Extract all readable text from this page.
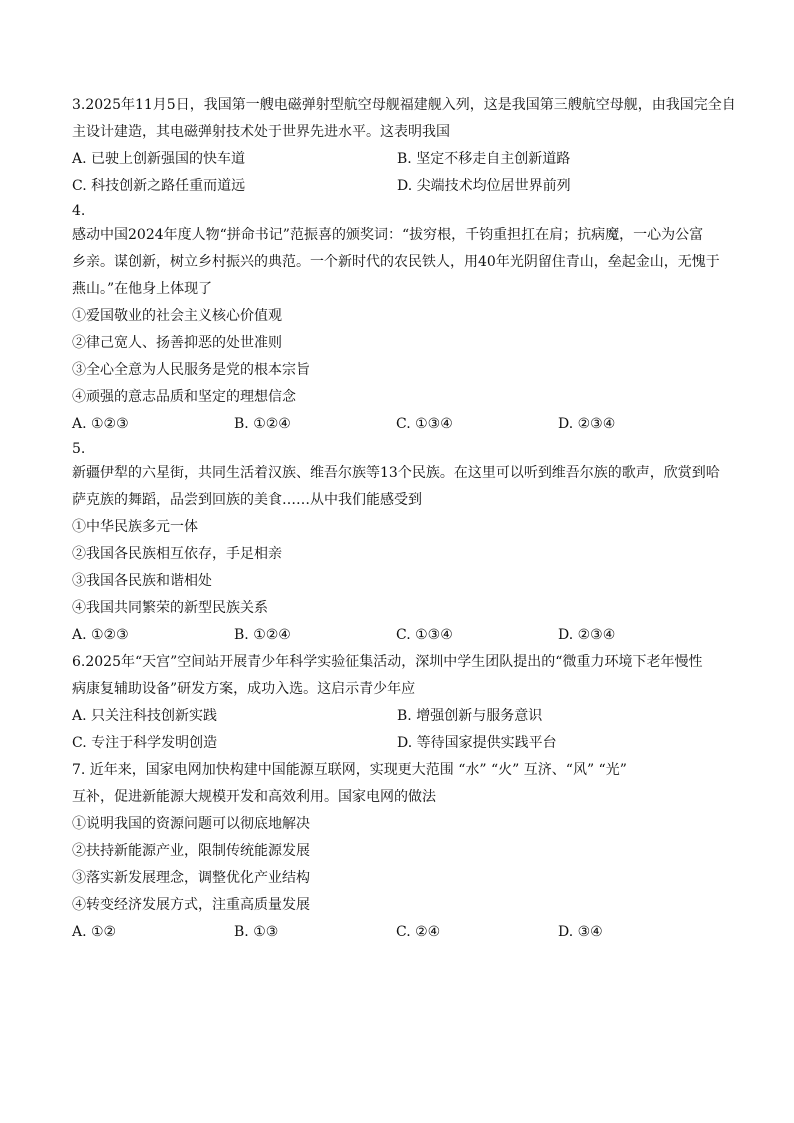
3.2025年11月5日，我国第一艘电磁弹射型航空母舰福建舰入列，这是我国第三艘航空母舰，由我国完全自
主设计建造，其电磁弹射技术处于世界先进水平。这表明我国
A. 已驶上创新强国的快车道	B. 坚定不移走自主创新道路
C. 科技创新之路任重而道远	D. 尖端技术均位居世界前列
4.
感动中国2024年度人物“拼命书记”范振喜的颁奖词：“拔穷根，千钧重担扛在肩；抗病魔，一心为公富
乡亲。谋创新，树立乡村振兴的典范。一个新时代的农民铁人，用40年光阴留住青山，垒起金山，无愧于
燕山。”在他身上体现了
①爱国敬业的社会主义核心价值观
②律己宽人、扬善抑恶的处世准则
③全心全意为人民服务是党的根本宗旨
④顽强的意志品质和坚定的理想信念
A. ①②③	B. ①②④	C. ①③④	D. ②③④
5.
新疆伊犁的六星街，共同生活着汉族、维吾尔族等13个民族。在这里可以听到维吾尔族的歌声，欣赏到哈
萨克族的舞蹈，品尝到回族的美食……从中我们能感受到
①中华民族多元一体
②我国各民族相互依存，手足相亲
③我国各民族和谐相处
④我国共同繁荣的新型民族关系
A. ①②③	B. ①②④	C. ①③④	D. ②③④
6.2025年“天宫”空间站开展青少年科学实验征集活动，深圳中学生团队提出的“微重力环境下老年慢性
病康复辅助设备”研发方案，成功入选。这启示青少年应
A. 只关注科技创新实践	B. 增强创新与服务意识
C. 专注于科学发明创造	D. 等待国家提供实践平台
7. 近年来，国家电网加快构建中国能源互联网，实现更大范围 “水” “火” 互济、“风” “光”
互补，促进新能源大规模开发和高效利用。国家电网的做法
①说明我国的资源问题可以彻底地解决
②扶持新能源产业，限制传统能源发展
③落实新发展理念，调整优化产业结构
④转变经济发展方式，注重高质量发展
A. ①②	B. ①③	C. ②④	D. ③④
